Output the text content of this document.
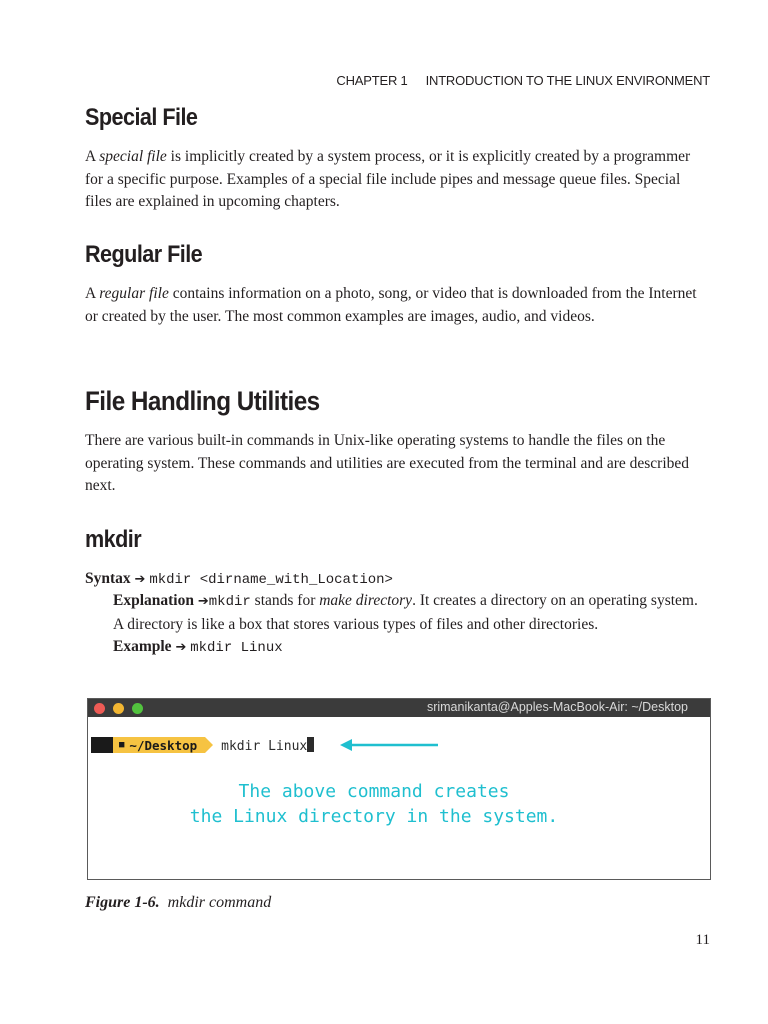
CHAPTER 1 INTRODUCTION TO THE LINUX ENVIRONMENT
Special File

A special file is implicitly created by a system process, or it is explicitly created by a programmer for a specific purpose. Examples of a special file include pipes and message queue files. Special files are explained in upcoming chapters.

Regular File

A regular file contains information on a photo, song, or video that is downloaded from the Internet or created by the user. The most common examples are images, audio, and videos.

File Handling Utilities

There are various built-in commands in Unix-like operating systems to handle the files on the operating system. These commands and utilities are executed from the terminal and are described next.

mkdir
Syntax ➔ mkdir <dirname_with_Location>

Explanation ➔mkdir stands for make directory. It creates a directory on an operating system. A directory is like a box that stores various types of files and other directories.

Example ➔ mkdir Linux
srimanikanta@Apples-MacBook-Air: ~/Desktop
■ ~/Desktop mkdir Linux
The above command creates
the Linux directory in the system.
Figure 1-6. mkdir command
11
